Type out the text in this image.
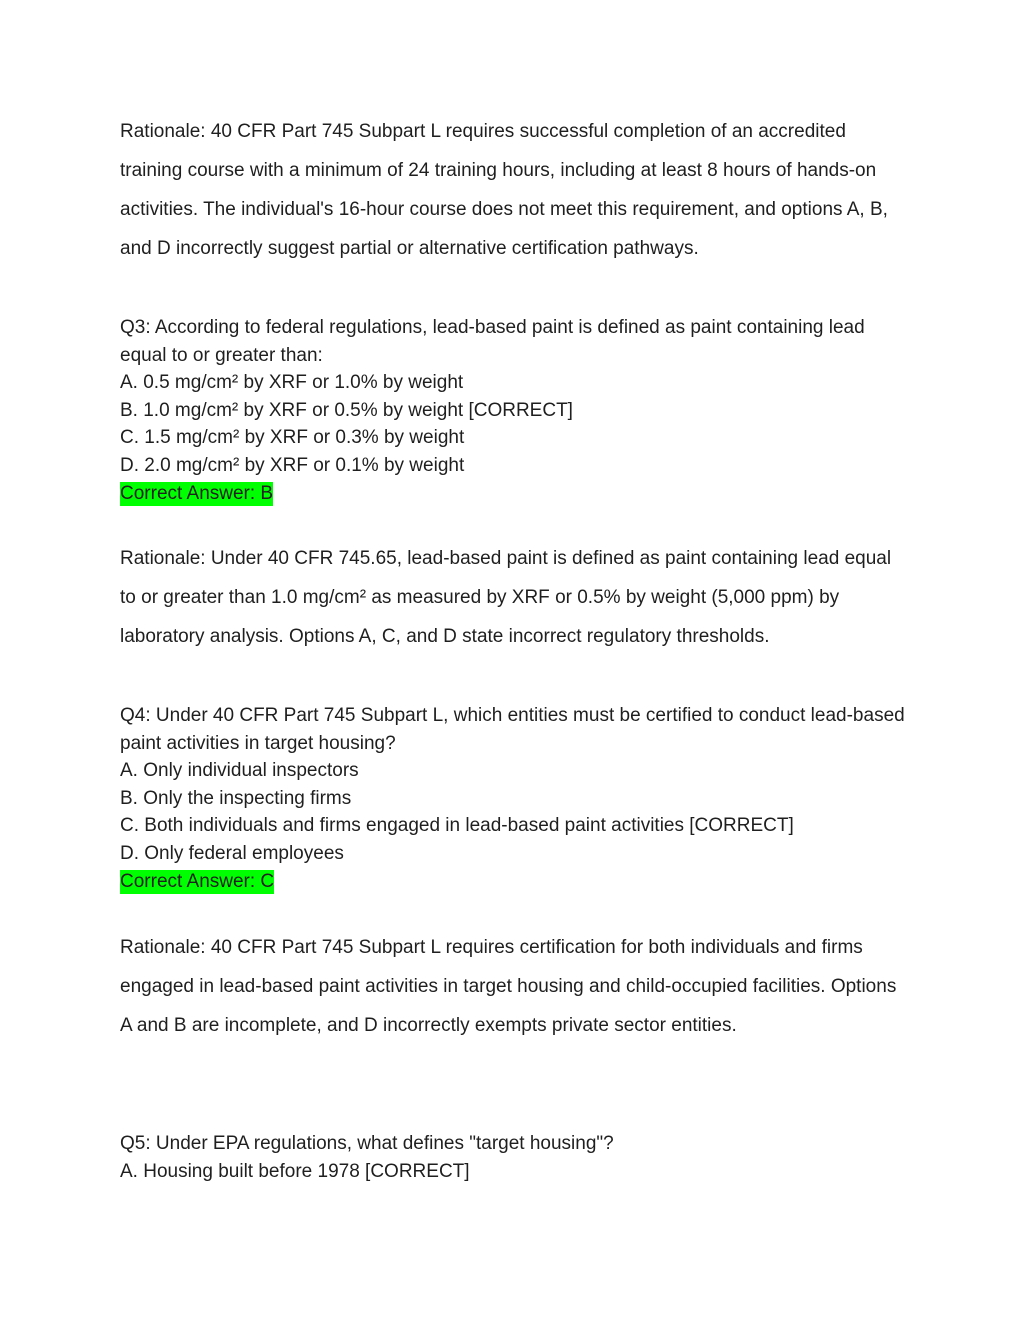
Rationale: 40 CFR Part 745 Subpart L requires successful completion of an accredited training course with a minimum of 24 training hours, including at least 8 hours of hands-on activities. The individual's 16-hour course does not meet this requirement, and options A, B, and D incorrectly suggest partial or alternative certification pathways.

Q3: According to federal regulations, lead-based paint is defined as paint containing lead equal to or greater than:
A. 0.5 mg/cm² by XRF or 1.0% by weight
B. 1.0 mg/cm² by XRF or 0.5% by weight [CORRECT]
C. 1.5 mg/cm² by XRF or 0.3% by weight
D. 2.0 mg/cm² by XRF or 0.1% by weight
Correct Answer: B

Rationale: Under 40 CFR 745.65, lead-based paint is defined as paint containing lead equal to or greater than 1.0 mg/cm² as measured by XRF or 0.5% by weight (5,000 ppm) by laboratory analysis. Options A, C, and D state incorrect regulatory thresholds.

Q4: Under 40 CFR Part 745 Subpart L, which entities must be certified to conduct lead-based paint activities in target housing?
A. Only individual inspectors
B. Only the inspecting firms
C. Both individuals and firms engaged in lead-based paint activities [CORRECT]
D. Only federal employees
Correct Answer: C

Rationale: 40 CFR Part 745 Subpart L requires certification for both individuals and firms engaged in lead-based paint activities in target housing and child-occupied facilities. Options A and B are incomplete, and D incorrectly exempts private sector entities.

Q5: Under EPA regulations, what defines "target housing"?
A. Housing built before 1978 [CORRECT]
